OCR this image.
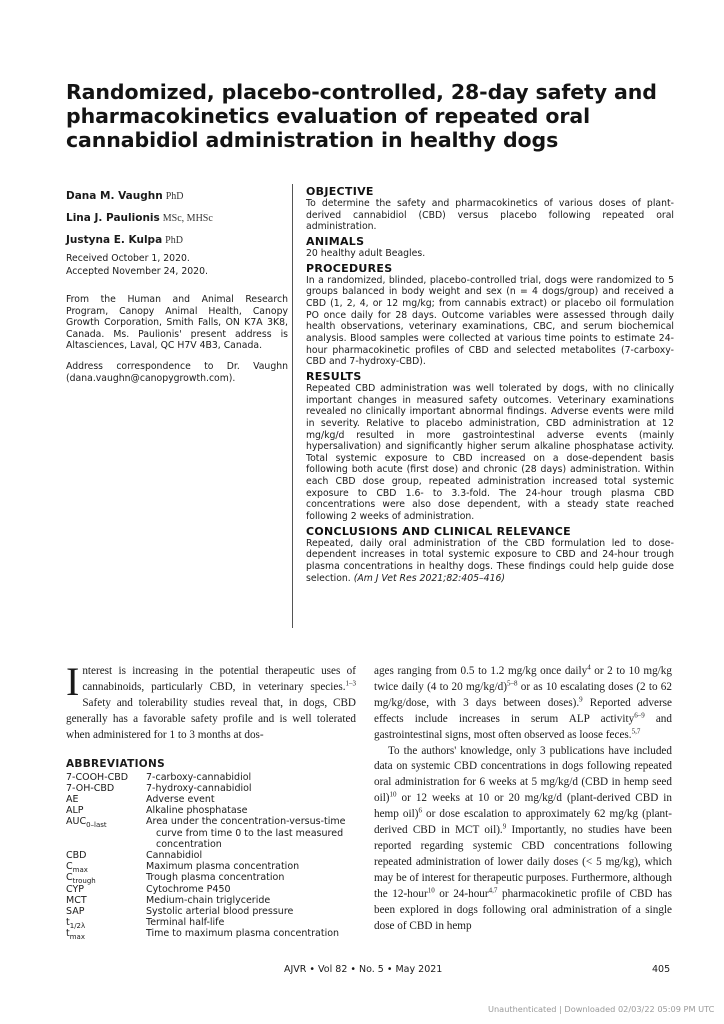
Randomized, placebo-controlled, 28-day safety and pharmacokinetics evaluation of repeated oral cannabidiol administration in healthy dogs
Dana M. Vaughn PhD
Lina J. Paulionis MSc, MHSc
Justyna E. Kulpa PhD
Received October 1, 2020.
Accepted November 24, 2020.

From the Human and Animal Research Program, Canopy Animal Health, Canopy Growth Corporation, Smith Falls, ON K7A 3K8, Canada. Ms. Paulionis' present address is Altasciences, Laval, QC H7V 4B3, Canada.

Address correspondence to Dr. Vaughn (dana.vaughn@canopygrowth.com).

OBJECTIVE

To determine the safety and pharmacokinetics of various doses of plant-derived cannabidiol (CBD) versus placebo following repeated oral administration.

ANIMALS

20 healthy adult Beagles.

PROCEDURES

In a randomized, blinded, placebo-controlled trial, dogs were randomized to 5 groups balanced in body weight and sex (n = 4 dogs/group) and received a CBD (1, 2, 4, or 12 mg/kg; from cannabis extract) or placebo oil formulation PO once daily for 28 days. Outcome variables were assessed through daily health observations, veterinary examinations, CBC, and serum biochemical analysis. Blood samples were collected at various time points to estimate 24-hour pharmacokinetic profiles of CBD and selected metabolites (7-carboxy-CBD and 7-hydroxy-CBD).

RESULTS

Repeated CBD administration was well tolerated by dogs, with no clinically important changes in measured safety outcomes. Veterinary examinations revealed no clinically important abnormal findings. Adverse events were mild in severity. Relative to placebo administration, CBD administration at 12 mg/kg/d resulted in more gastrointestinal adverse events (mainly hypersalivation) and significantly higher serum alkaline phosphatase activity. Total systemic exposure to CBD increased on a dose-dependent basis following both acute (first dose) and chronic (28 days) administration. Within each CBD dose group, repeated administration increased total systemic exposure to CBD 1.6- to 3.3-fold. The 24-hour trough plasma CBD concentrations were also dose dependent, with a steady state reached following 2 weeks of administration.

CONCLUSIONS AND CLINICAL RELEVANCE

Repeated, daily oral administration of the CBD formulation led to dose-dependent increases in total systemic exposure to CBD and 24-hour trough plasma concentrations in healthy dogs. These findings could help guide dose selection. (Am J Vet Res 2021;82:405–416)

Interest is increasing in the potential therapeutic uses of cannabinoids, particularly CBD, in veterinary species.$^{1-3}$ Safety and tolerability studies reveal that, in dogs, CBD generally has a favorable safety profile and is well tolerated when administered for 1 to 3 months at dos-

ABBREVIATIONS
7-COOH-CBD	7-carboxy-cannabidiol
7-OH-CBD	7-hydroxy-cannabidiol
AE	Adverse event
ALP	Alkaline phosphatase
$AUC_{0-last}$	Area under the concentration-versus-time curve from time 0 to the last measured concentration
CBD	Cannabidiol
$C_{max}$	Maximum plasma concentration
$C_{trough}$	Trough plasma concentration
CYP	Cytochrome P450
MCT	Medium-chain triglyceride
SAP	Systolic arterial blood pressure
$t_{1/2\lambda}$	Terminal half-life
$t_{max}$	Time to maximum plasma concentration

ages ranging from 0.5 to 1.2 mg/kg once daily$^4$ or 2 to 10 mg/kg twice daily (4 to 20 mg/kg/d)$^{5-8}$ or as 10 escalating doses (2 to 62 mg/kg/dose, with 3 days between doses).$^9$ Reported adverse effects include increases in serum ALP activity$^{6-9}$ and gastrointestinal signs, most often observed as loose feces.$^{5,7}$

To the authors' knowledge, only 3 publications have included data on systemic CBD concentrations in dogs following repeated oral administration for 6 weeks at 5 mg/kg/d (CBD in hemp seed oil)$^{10}$ or 12 weeks at 10 or 20 mg/kg/d (plant-derived CBD in hemp oil)$^6$ or dose escalation to approximately 62 mg/kg (plant-derived CBD in MCT oil).$^9$ Importantly, no studies have been reported regarding systemic CBD concentrations following repeated administration of lower daily doses (< 5 mg/kg), which may be of interest for therapeutic purposes. Furthermore, although the 12-hour$^{10}$ or 24-hour$^{4,7}$ pharmacokinetic profile of CBD has been explored in dogs following oral administration of a single dose of CBD in hemp

AJVR • Vol 82 • No. 5 • May 2021	405
Unauthenticated | Downloaded 02/03/22 05:09 PM UTC
